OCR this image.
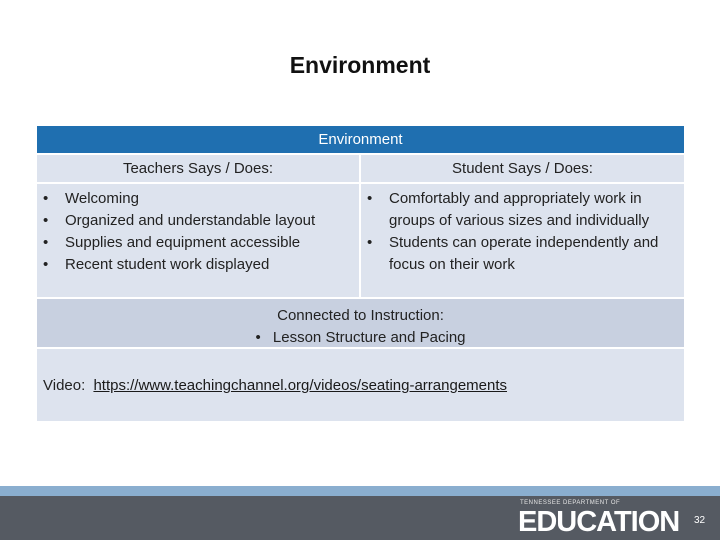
Environment
Environment
Teachers Says / Does:	Student Says / Does:
• Welcoming
• Organized and understandable layout
• Supplies and equipment accessible
• Recent student work displayed
• Comfortably and appropriately work in groups of various sizes and individually
• Students can operate independently and focus on their work
Connected to Instruction:
• Lesson Structure and Pacing
Video: https://www.teachingchannel.org/videos/seating-arrangements
TENNESSEE DEPARTMENT OF
EDUCATION 32
